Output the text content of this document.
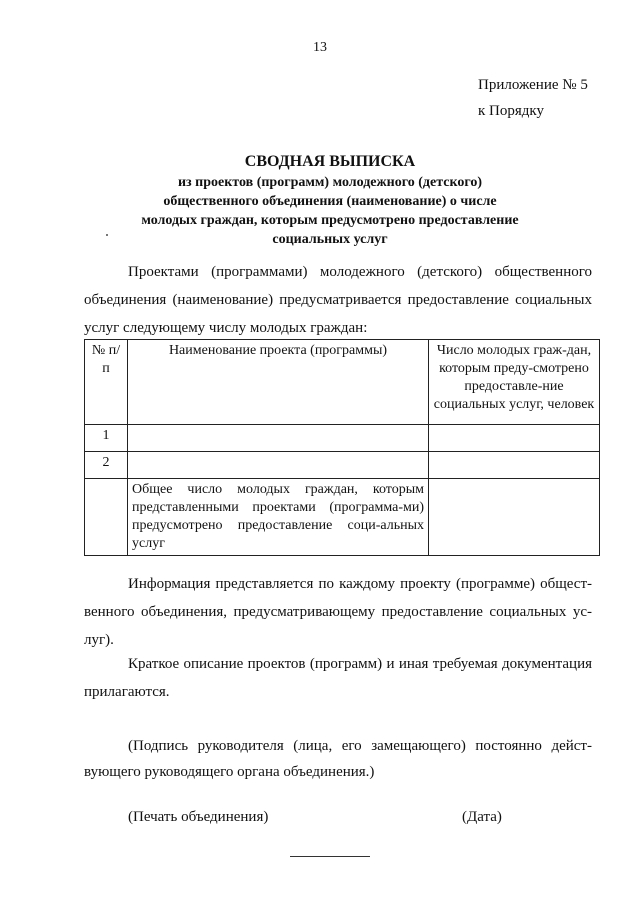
13
Приложение № 5
к Порядку
СВОДНАЯ ВЫПИСКА
из проектов (программ) молодежного (детского)
общественного объединения (наименование) о числе
молодых граждан, которым предусмотрено предоставление
социальных услуг
Проектами (программами) молодежного (детского) общественного объединения (наименование) предусматривается предоставление социальных услуг следующему числу молодых граждан:
№ п/п	Наименование проекта (программы)	Число молодых граж-дан, которым преду-смотрено предоставле-ние социальных услуг, человек
1		
2		
	Общее число молодых граждан, которым представленными проектами (программа-ми) предусмотрено предоставление соци-альных услуг	
Информация представляется по каждому проекту (программе) общест-венного объединения, предусматривающему предоставление социальных ус-луг).
Краткое описание проектов (программ) и иная требуемая документация прилагаются.
(Подпись руководителя (лица, его замещающего) постоянно дейст-вующего руководящего органа объединения.)
(Печать объединения)	(Дата)
